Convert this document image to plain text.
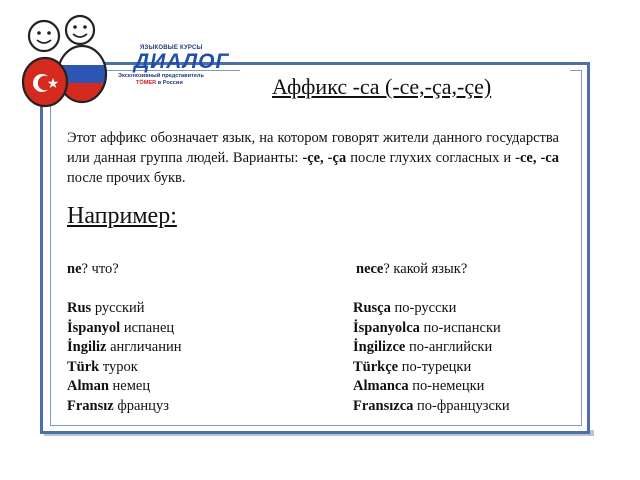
ЯЗЫКОВЫЕ КУРСЫ
ДИАЛОГ
Эксклюзивный представитель
TÖMER в России	Аффикс -ca (-ce,-ça,-çe)

Этот аффикс обозначает язык, на котором говорят жители данного государства или данная группа людей. Варианты: -çe, -ça после глухих согласных и -ce, -ca после прочих букв.

Например:
ne? что?	nece? какой язык?
Rus русский
İspanyol испанец
İngiliz англичанин
Türk турок
Alman немец
Fransız француз
Rusça по-русски
İspanyolca по-испански
İngilizce по-английски
Türkçe по-турецки
Almanca по-немецки
Fransızca по-французски
